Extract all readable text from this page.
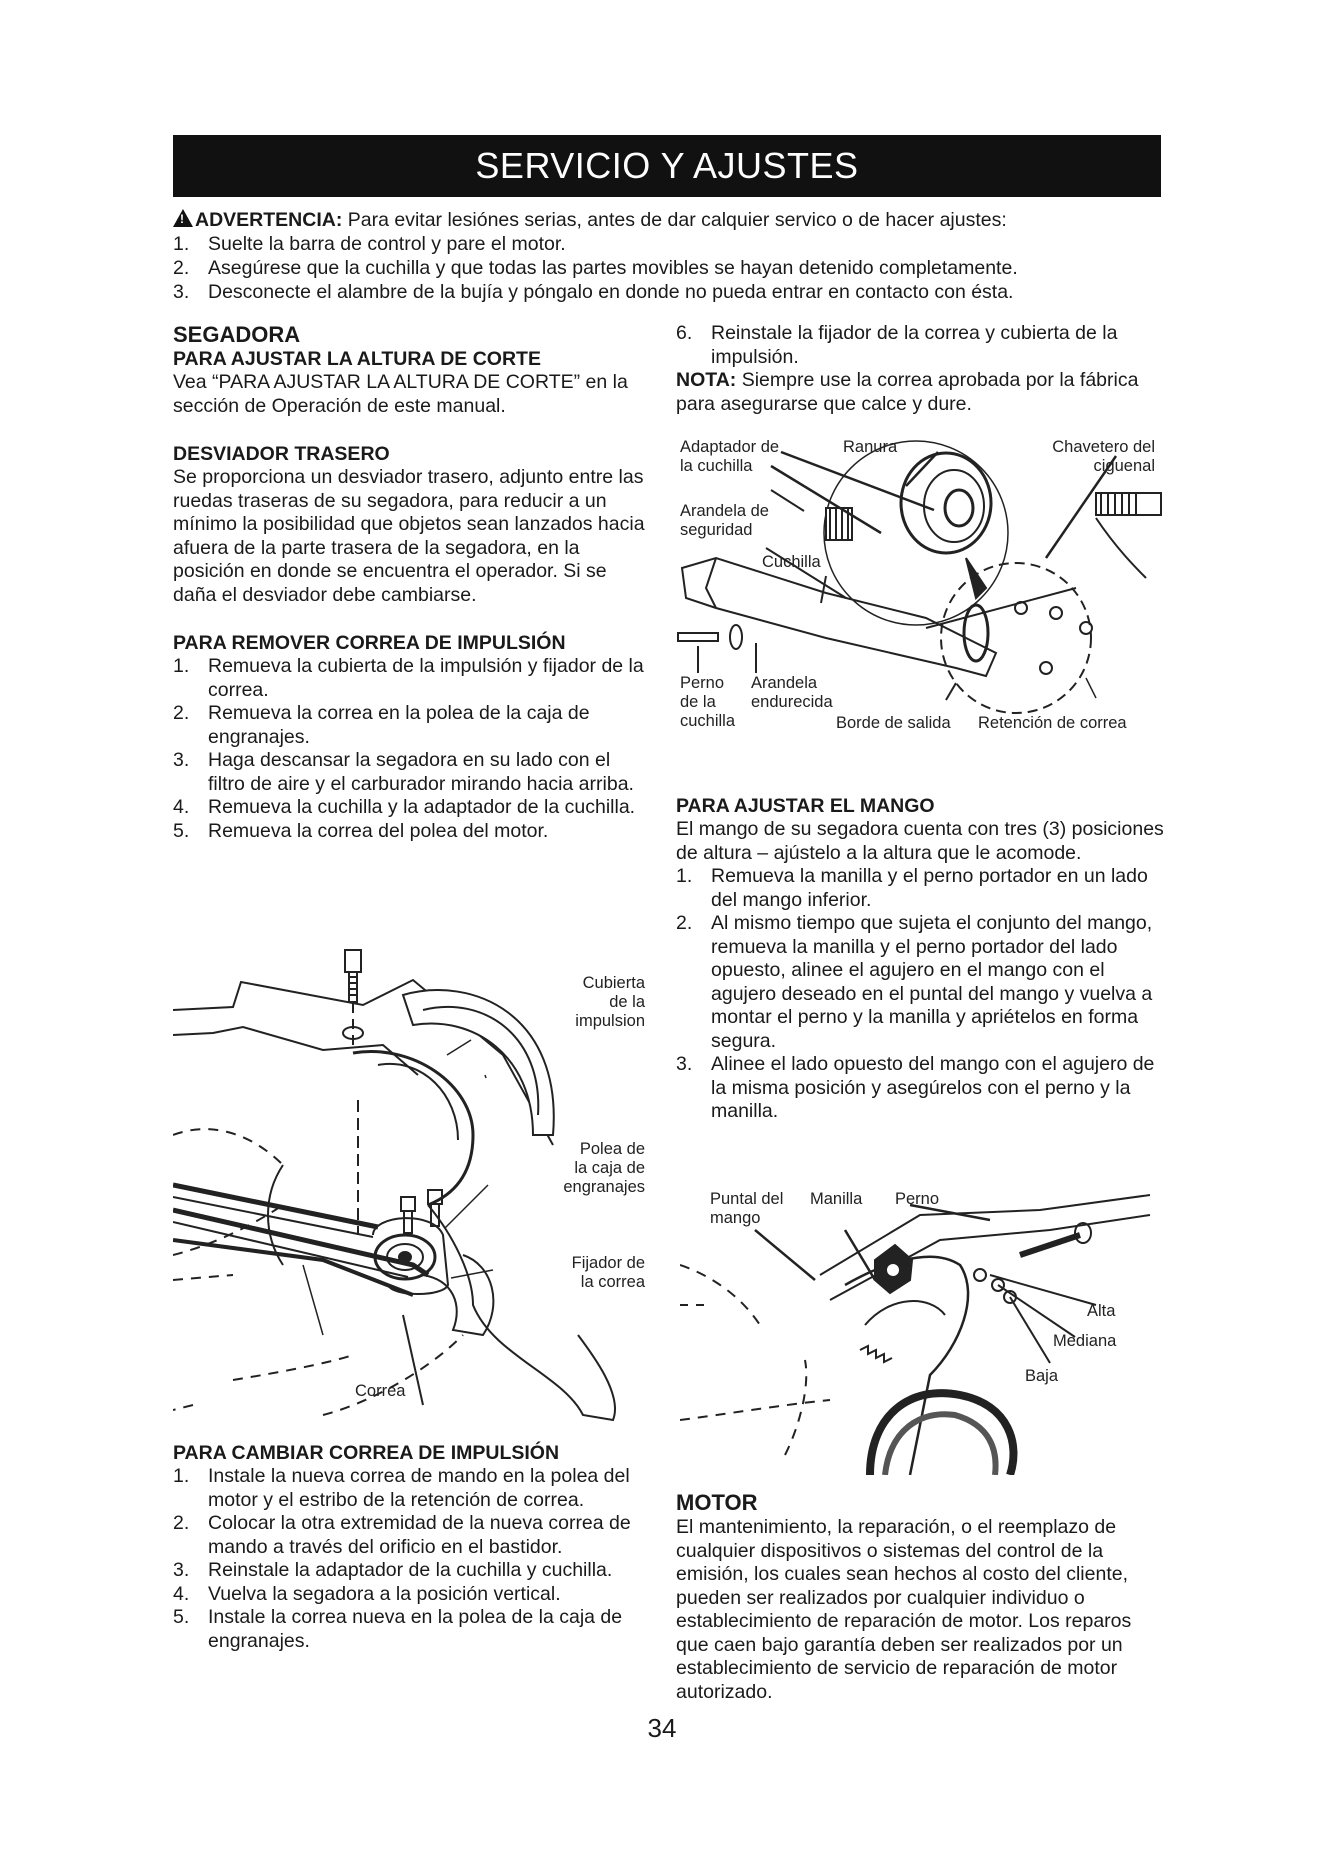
SERVICIO Y AJUSTES
!ADVERTENCIA: Para evitar lesiónes serias, antes de dar calquier servico o de hacer ajustes:
1. Suelte la barra de control y pare el motor.
2. Asegúrese que la cuchilla y que todas las partes movibles se hayan detenido completamente.
3. Desconecte el alambre de la bujía y póngalo en donde no pueda entrar en contacto con ésta.
SEGADORA
PARA AJUSTAR LA ALTURA DE CORTE

Vea “PARA AJUSTAR LA ALTURA DE CORTE” en la sección de Operación de este manual.

DESVIADOR TRASERO

Se proporciona un desviador trasero, adjunto entre las ruedas traseras de su segadora, para reducir a un mínimo la posibilidad que objetos sean lanzados hacia afuera de la parte trasera de la segadora, en la posición en donde se encuentra el operador. Si se daña el desviador debe cambiarse.

PARA REMOVER CORREA DE IMPULSIÓN
1. Remueva la cubierta de la impulsión y fijador de la correa.
2. Remueva la correa en la polea de la caja de engranajes.
3. Haga descansar la segadora en su lado con el filtro de aire y el carburador mirando hacia arriba.
4. Remueva la cuchilla y la adaptador de la cuchilla.
5. Remueva la correa del polea del motor.
Cubierta
de la
impulsion
Polea de
la caja de
engranajes
Fijador de
la correa
Correa
PARA CAMBIAR CORREA DE IMPULSIÓN
1. Instale la nueva correa de mando en la polea del motor y el estribo de la retención de correa.
2. Colocar la otra extremidad de la nueva correa de mando a través del orificio en el bastidor.
3. Reinstale la adaptador de la cuchilla y cuchilla.
4. Vuelva la segadora a la posición vertical.
5. Instale la correa nueva en la polea de la caja de engranajes.
6. Reinstale la fijador de la correa y cubierta de la impulsión.

NOTA: Siempre use la correa aprobada por la fábrica para asegurarse que calce y dure.

Adaptador de
la cuchilla
Ranura	Chavetero del
ciguenal
Arandela de
seguridad
Cuchilla
Perno
de la
cuchilla
Arandela
endurecida
Borde de salida Retención de correa
PARA AJUSTAR EL MANGO

El mango de su segadora cuenta con tres (3) posiciones de altura – ajústelo a la altura que le acomode.

1. Remueva la manilla y el perno portador en un lado del mango inferior.
2. Al mismo tiempo que sujeta el conjunto del mango, remueva la manilla y el perno portador del lado opuesto, alinee el agujero en el mango con el agujero deseado en el puntal del mango y vuelva a montar el perno y la manilla y apriételos en forma segura.
3. Alinee el lado opuesto del mango con el agujero de la misma posición y asegúrelos con el perno y la manilla.
Puntal del
mango
Manilla Perno
Alta
Mediana
Baja
MOTOR

El mantenimiento, la reparación, o el reemplazo de cualquier dispositivos o sistemas del control de la emisión, los cuales sean hechos al costo del cliente, pueden ser realizados por cualquier individuo o establecimiento de reparación de motor. Los reparos que caen bajo garantía deben ser realizados por un establecimiento de servicio de reparación de motor autorizado.

34
